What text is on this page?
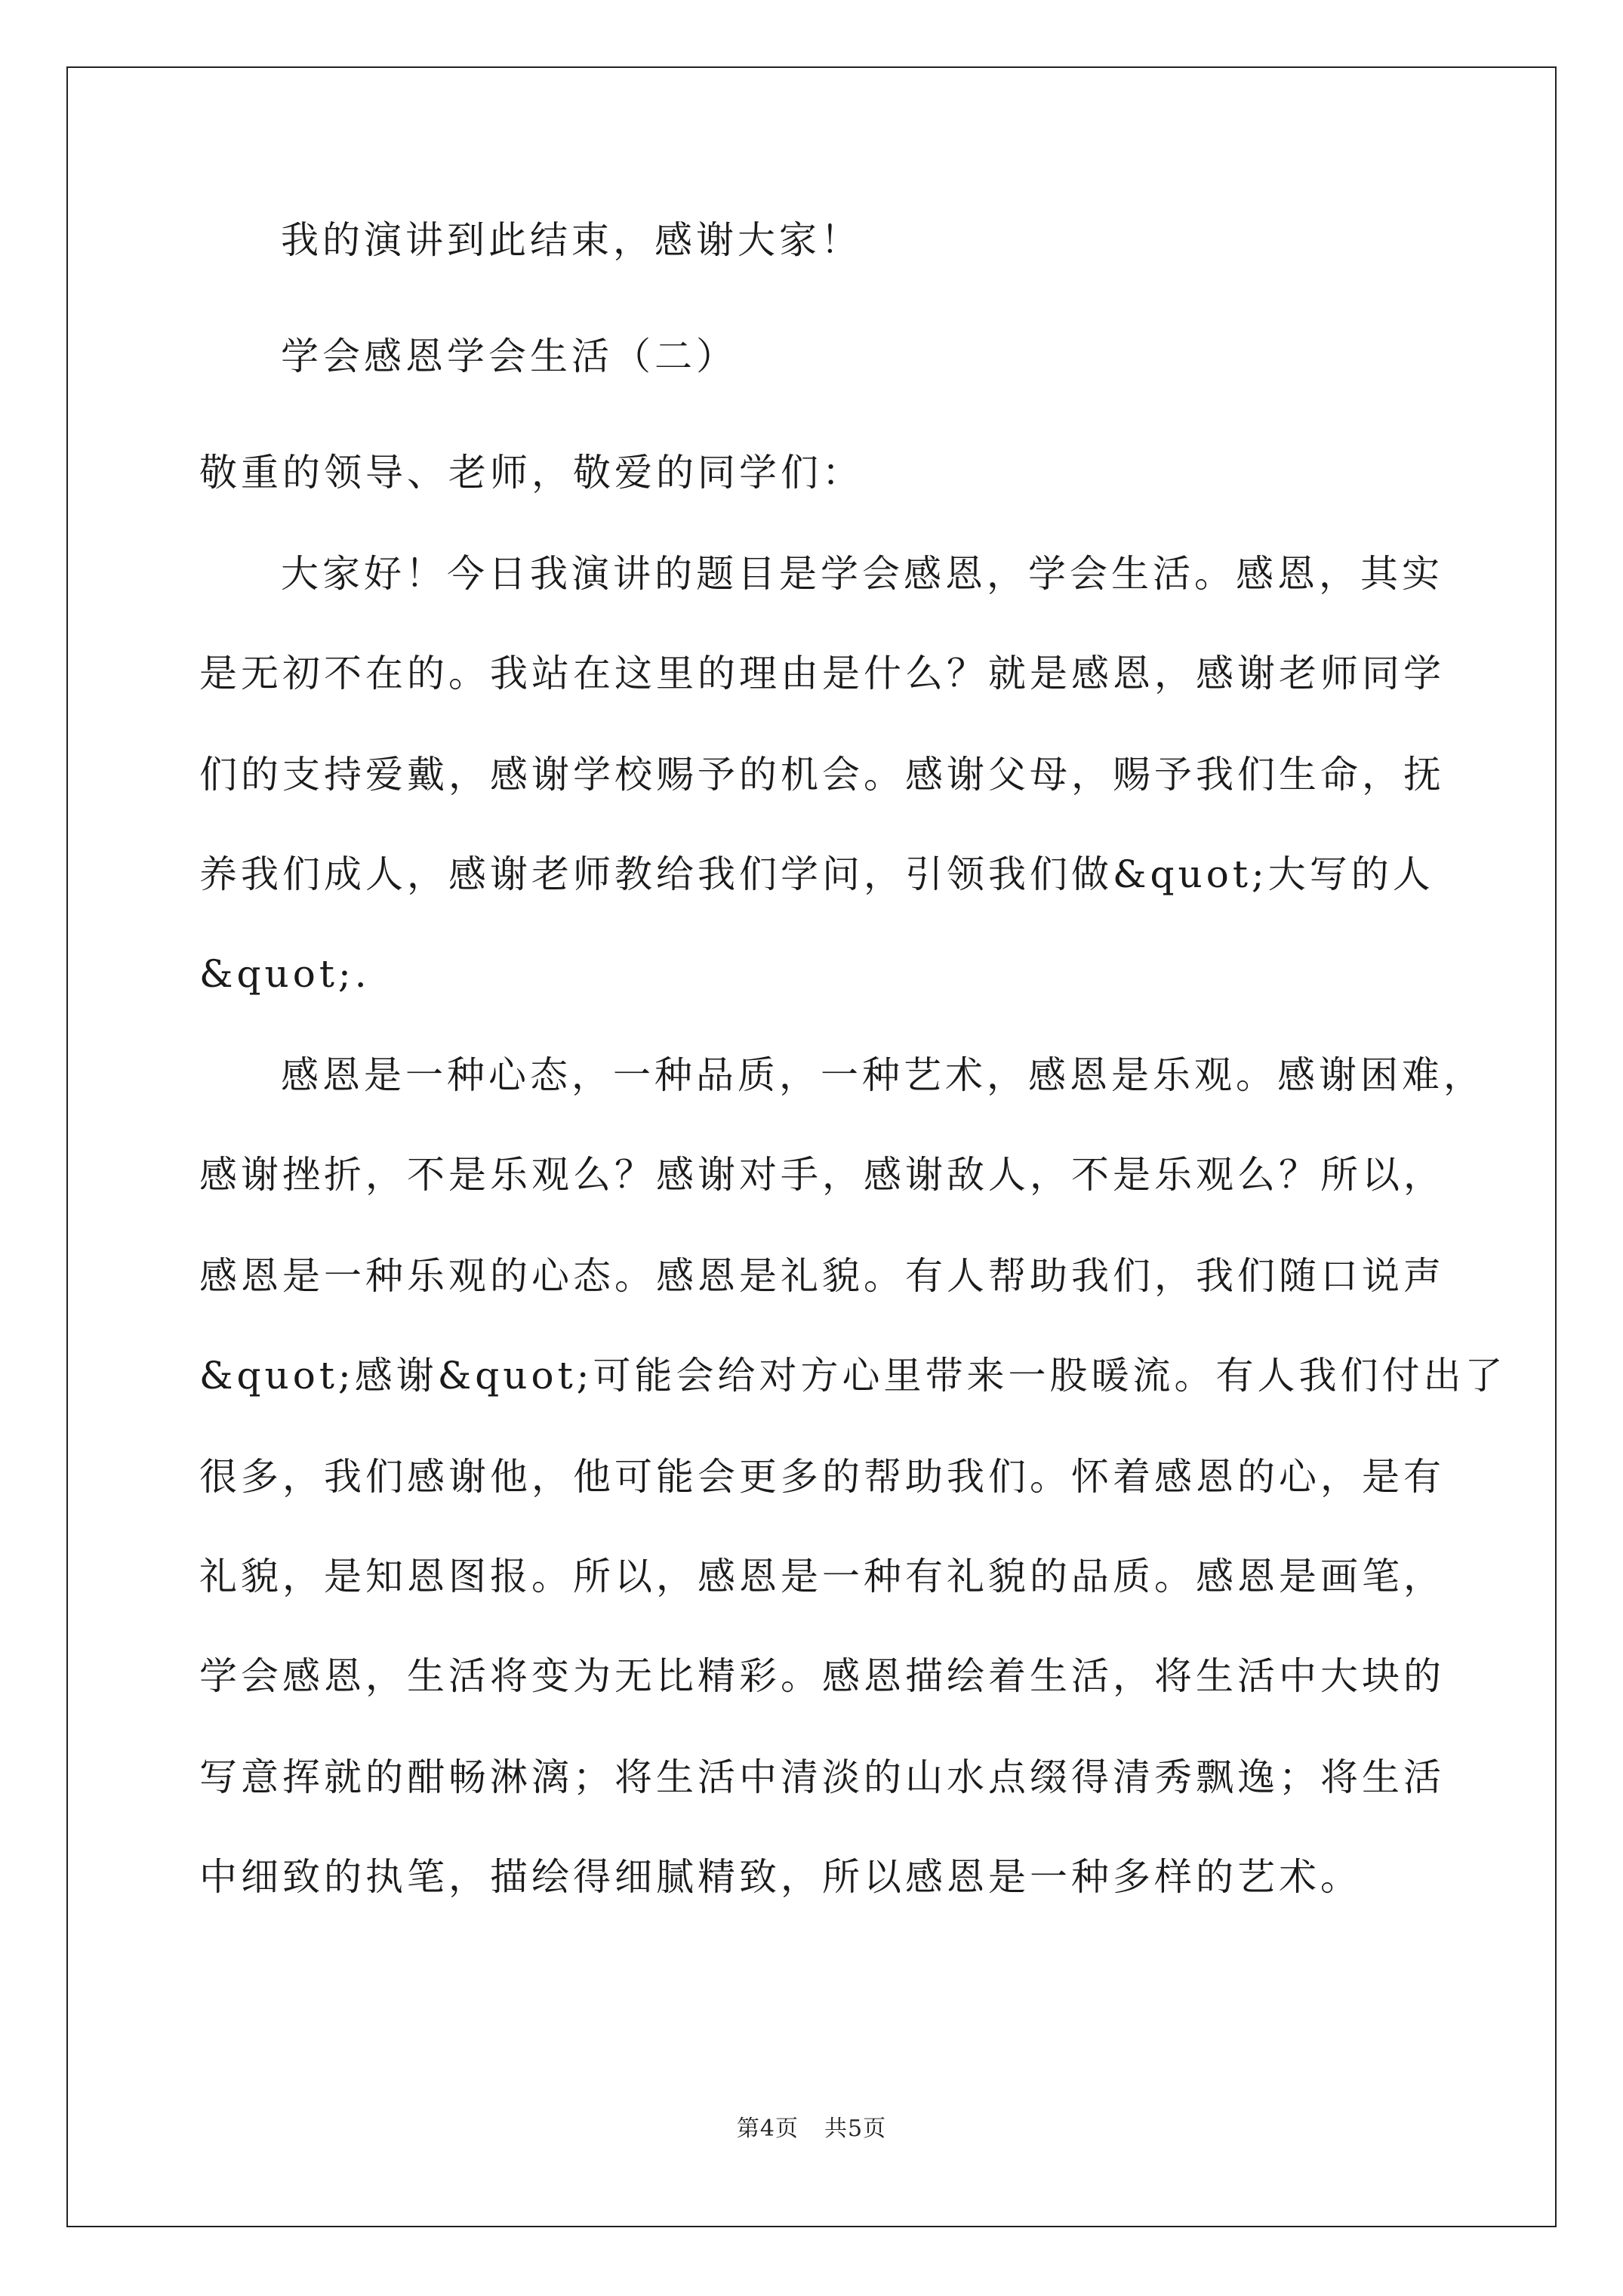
我的演讲到此结束，感谢大家！
学会感恩学会生活（二）
敬重的领导、老师，敬爱的同学们：
大家好！今日我演讲的题目是学会感恩，学会生活。感恩，其实
是无初不在的。我站在这里的理由是什么？就是感恩，感谢老师同学
们的支持爱戴，感谢学校赐予的机会。感谢父母，赐予我们生命，抚
养我们成人，感谢老师教给我们学问，引领我们做&quot;大写的人
&quot;.
感恩是一种心态，一种品质，一种艺术，感恩是乐观。感谢困难，
感谢挫折，不是乐观么？感谢对手，感谢敌人，不是乐观么？所以，
感恩是一种乐观的心态。感恩是礼貌。有人帮助我们，我们随口说声
&quot;感谢&quot;可能会给对方心里带来一股暖流。有人我们付出了
很多，我们感谢他，他可能会更多的帮助我们。怀着感恩的心，是有
礼貌，是知恩图报。所以，感恩是一种有礼貌的品质。感恩是画笔，
学会感恩，生活将变为无比精彩。感恩描绘着生活，将生活中大块的
写意挥就的酣畅淋漓；将生活中清淡的山水点缀得清秀飘逸；将生活
中细致的执笔，描绘得细腻精致，所以感恩是一种多样的艺术。
第4页 共5页
